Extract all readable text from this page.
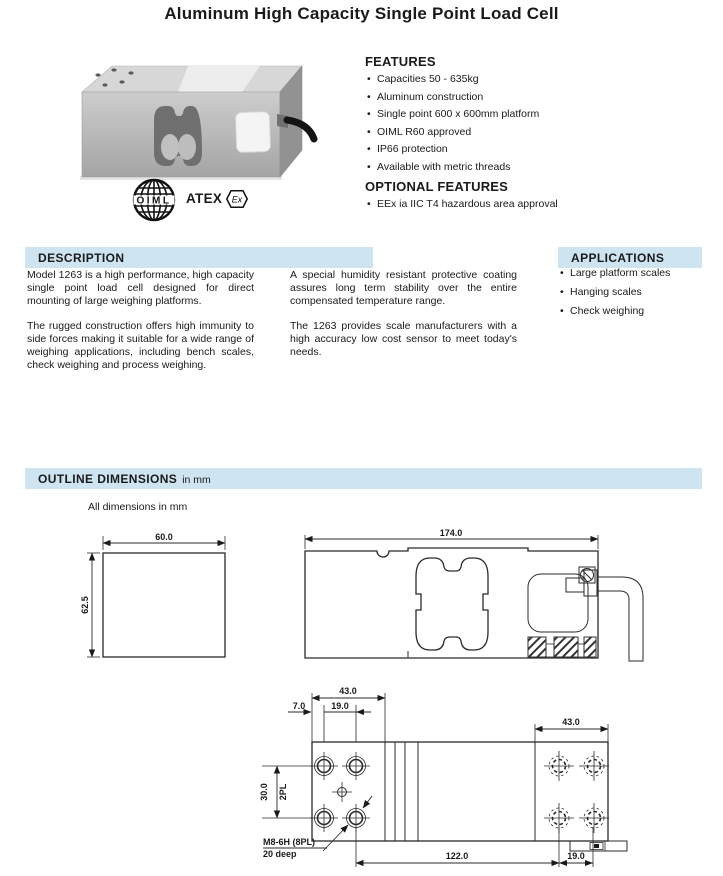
Aluminum High Capacity Single Point Load Cell
OIML ATEX Ex
FEATURES
• Capacities 50 - 635kg
• Aluminum construction
• Single point 600 x 600mm platform
• OIML R60 approved
• IP66 protection
• Available with metric threads
OPTIONAL FEATURES
• EEx ia IIC T4 hazardous area approval
DESCRIPTION	APPLICATIONS

Model 1263 is a high performance, high capacity single point load cell designed for direct mounting of large weighing platforms.

The rugged construction offers high immunity to side forces making it suitable for a wide range of weighing applications, including bench scales, check weighing and process weighing.

A special humidity resistant protective coating assures long term stability over the entire compensated temperature range.

The 1263 provides scale manufacturers with a high accuracy low cost sensor to meet today's needs.

• Large platform scales
• Hanging scales
• Check weighing
OUTLINE DIMENSIONS in mm
All dimensions in mm
60.0
62.5
174.0
43.0
7.0	19.0
30.0 2PL
M8-6H (8PL)
20 deep	122.0	19.0
43.0
